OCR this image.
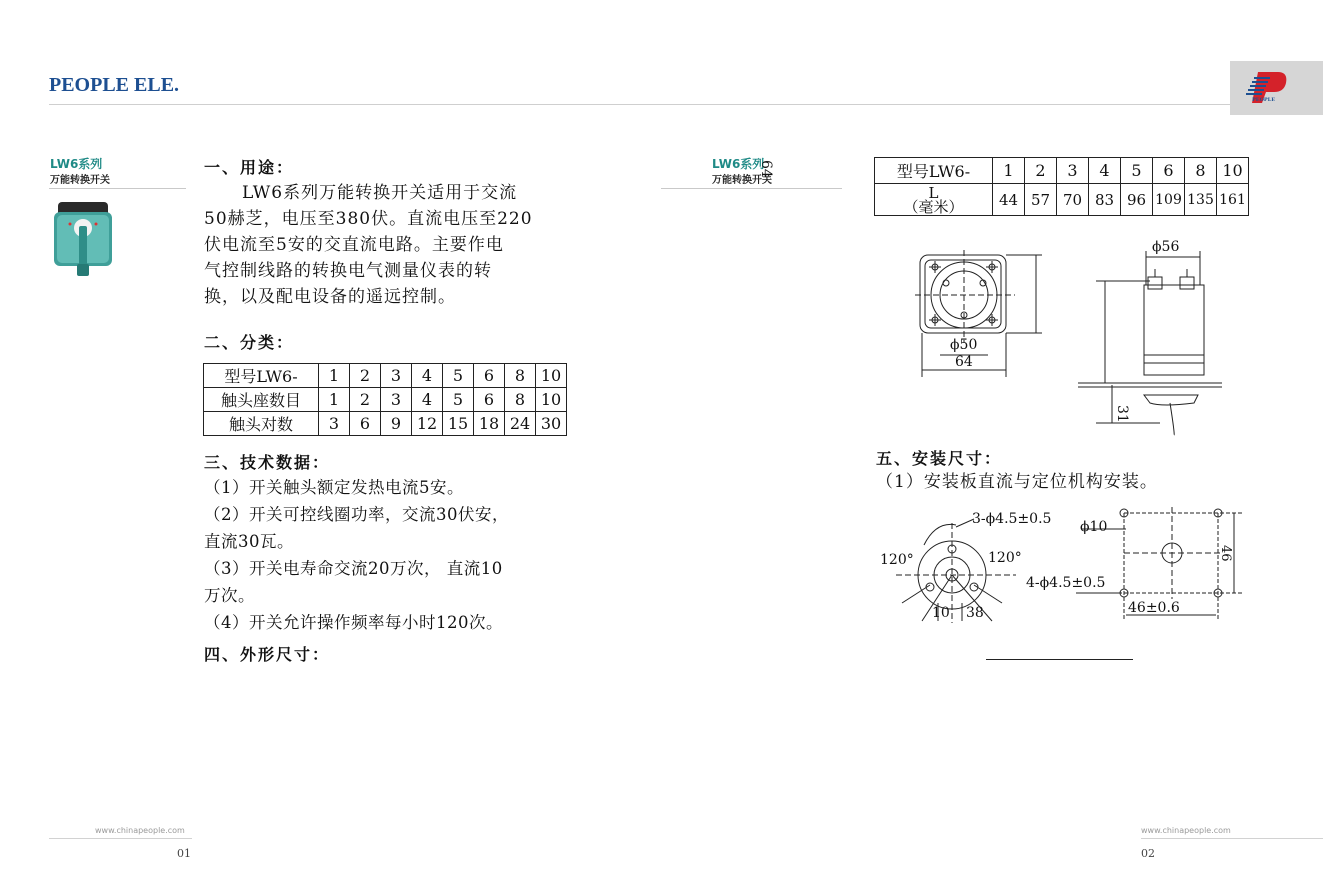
PEOPLE ELE.
PEOPLE
LW6系列
万能转换开关
一、用途：
LW6系列万能转换开关适用于交流
50赫芝，电压至380伏。直流电压至220
伏电流至5安的交直流电路。主要作电
气控制线路的转换电气测量仪表的转
换，以及配电设备的遥远控制。
二、分类：
型号LW6-	1	2	3	4	5	6	8	10
触头座数目	1	2	3	4	5	6	8	10
触头对数	3	6	9	12	15	18	24	30
三、技术数据：
（1）开关触头额定发热电流5安。
（2）开关可控线圈功率，交流30伏安，
直流30瓦。
（3）开关电寿命交流20万次， 直流10
万次。
（4）开关允许操作频率每小时120次。
四、外形尺寸：
www.chinapeople.com
01
LW6系列
万能转换开关	型号LW6-	1	2	3	4	5	6	8	10

L
（毫米）	44	57	70	83	96	109	135	161
64
ϕ50
64
ϕ56
31
五、安装尺寸：
（1）安装板直流与定位机构安装。
3-ϕ4.5±0.5
120°	120°
10 38
ϕ10
4-ϕ4.5±0.5
46±0.6
46
www.chinapeople.com
02
